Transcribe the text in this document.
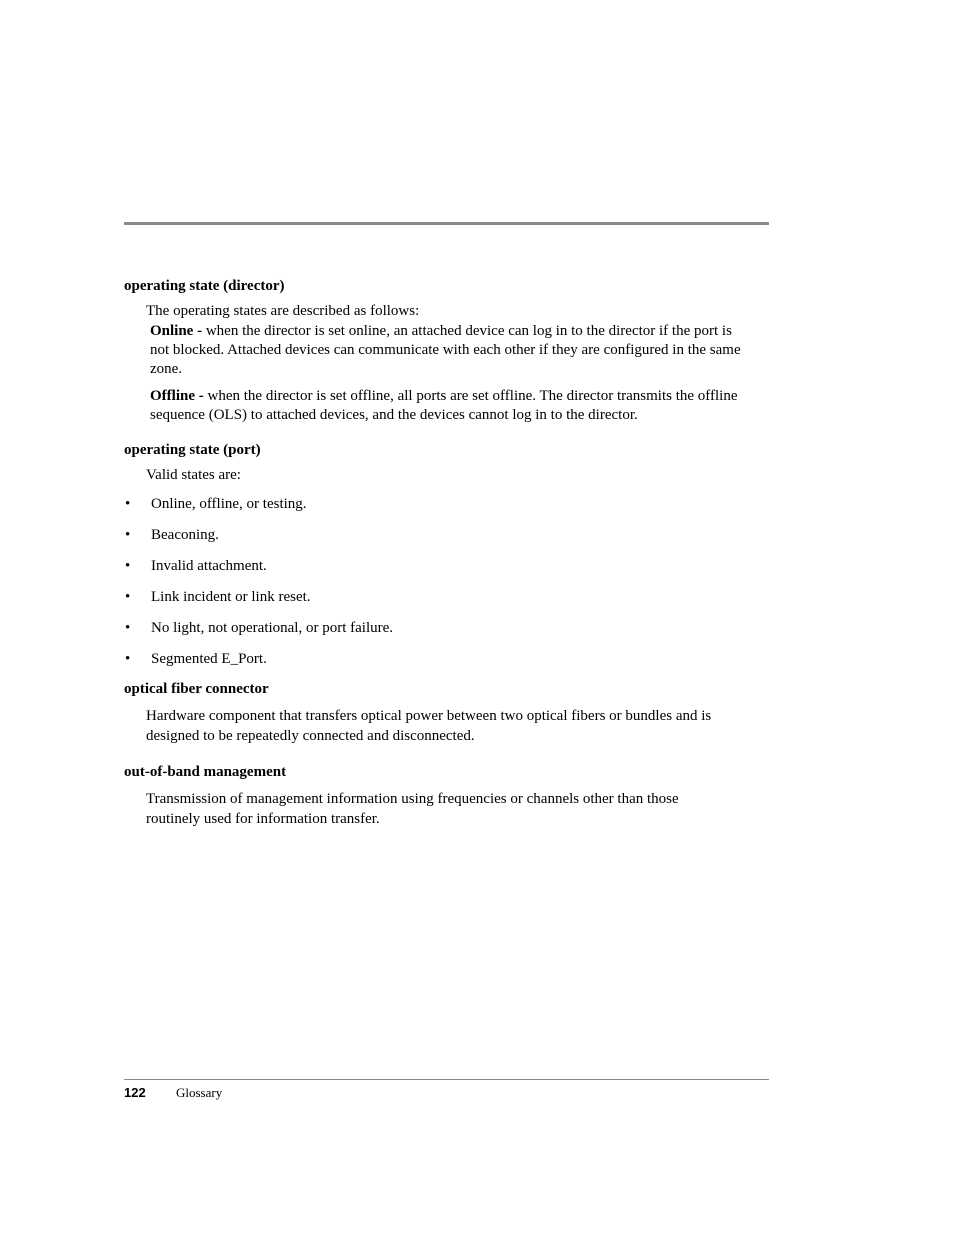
operating state (director)

The operating states are described as follows:

Online - when the director is set online, an attached device can log in to the director if the port is not blocked. Attached devices can communicate with each other if they are configured in the same zone.

Offline - when the director is set offline, all ports are set offline. The director transmits the offline sequence (OLS) to attached devices, and the devices cannot log in to the director.

operating state (port)

Valid states are:

• Online, offline, or testing.
• Beaconing.
• Invalid attachment.
• Link incident or link reset.
• No light, not operational, or port failure.
• Segmented E_Port.

optical fiber connector

Hardware component that transfers optical power between two optical fibers or bundles and is designed to be repeatedly connected and disconnected.

out-of-band management

Transmission of management information using frequencies or channels other than those routinely used for information transfer.

122 Glossary
